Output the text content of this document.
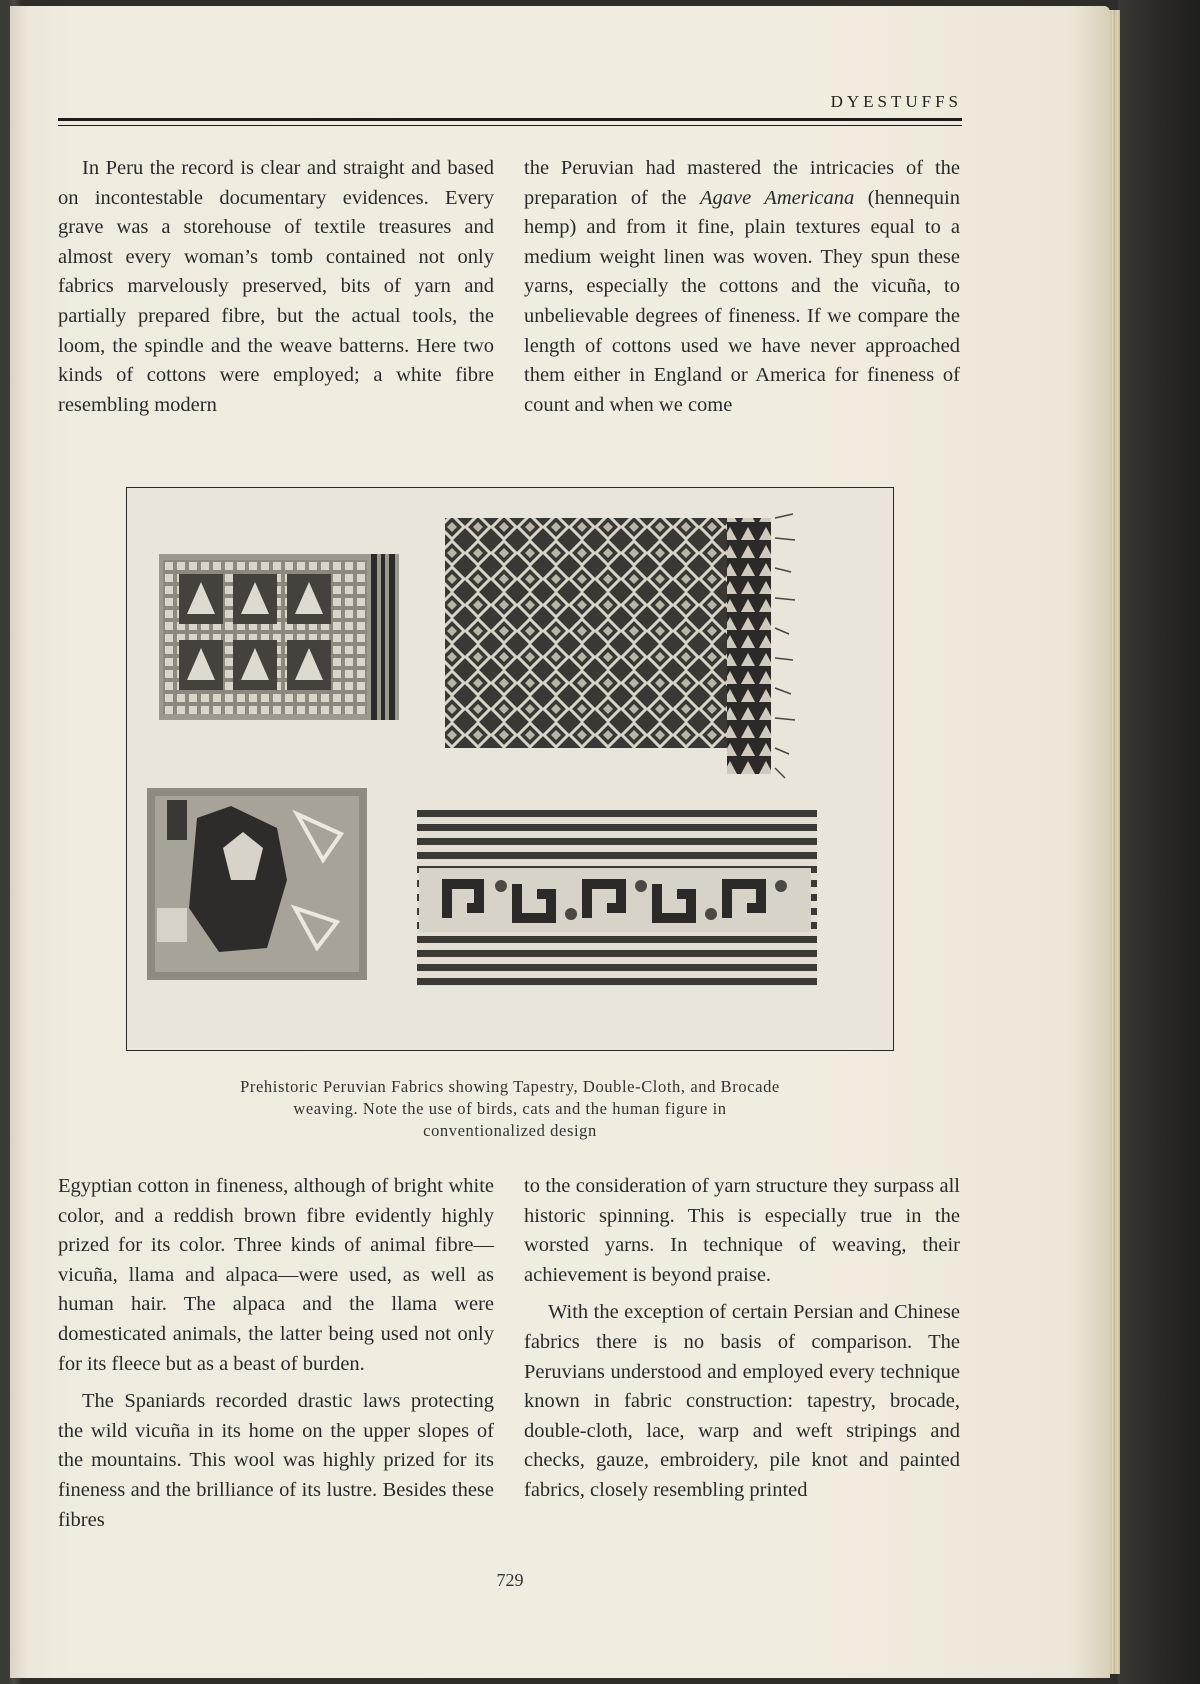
DYESTUFFS

In Peru the record is clear and straight and based on incontestable documentary evidences. Every grave was a storehouse of textile treasures and almost every woman’s tomb contained not only fabrics marvelously preserved, bits of yarn and partially prepared fibre, but the actual tools, the loom, the spindle and the weave batterns. Here two kinds of cottons were employed; a white fibre resembling modern

the Peruvian had mastered the intricacies of the preparation of the Agave Americana (hennequin hemp) and from it fine, plain textures equal to a medium weight linen was woven. They spun these yarns, especially the cottons and the vicuña, to unbelievable degrees of fineness. If we compare the length of cottons used we have never approached them either in England or America for fineness of count and when we come

Prehistoric Peruvian Fabrics showing Tapestry, Double-Cloth, and Brocade
weaving. Note the use of birds, cats and the human figure in
conventionalized design

Egyptian cotton in fineness, although of bright white color, and a reddish brown fibre evidently highly prized for its color. Three kinds of animal fibre—vicuña, llama and alpaca—were used, as well as human hair. The alpaca and the llama were domesticated animals, the latter being used not only for its fleece but as a beast of burden.

The Spaniards recorded drastic laws protecting the wild vicuña in its home on the upper slopes of the mountains. This wool was highly prized for its fineness and the brilliance of its lustre. Besides these fibres

to the consideration of yarn structure they surpass all historic spinning. This is especially true in the worsted yarns. In technique of weaving, their achievement is beyond praise.

With the exception of certain Persian and Chinese fabrics there is no basis of comparison. The Peruvians understood and employed every technique known in fabric construction: tapestry, brocade, double-cloth, lace, warp and weft stripings and checks, gauze, embroidery, pile knot and painted fabrics, closely resembling printed

729
